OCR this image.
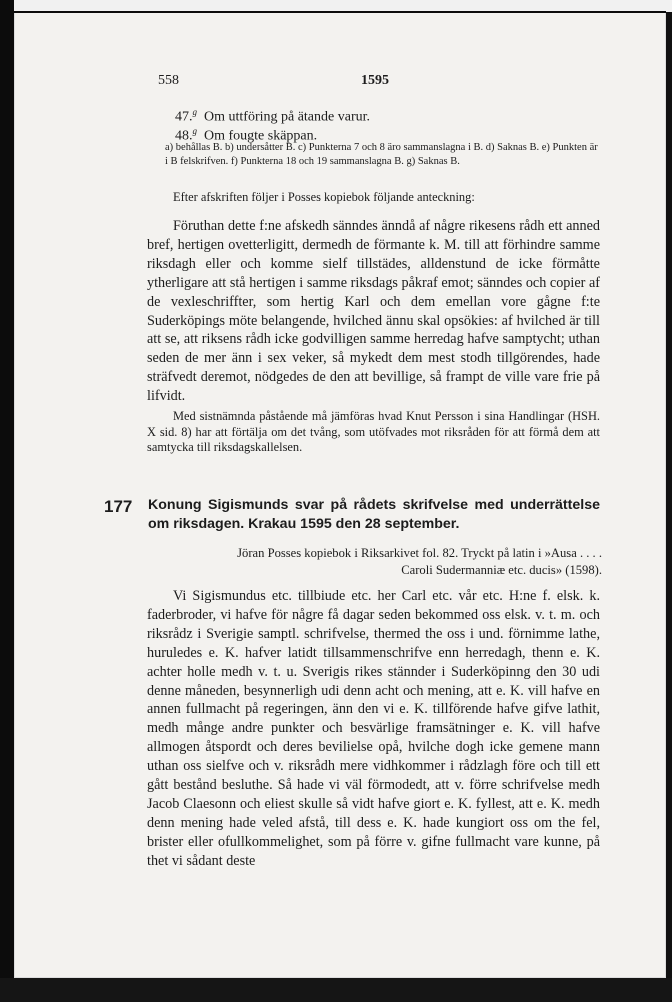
558	1595
47.$^g$ Om uttföring på ätande varur.
48.$^g$ Om fougte skäppan.
a) behållas B. b) undersåtter B. c) Punkterna 7 och 8 äro sammanslagna i B. d) Saknas B. e) Punkten är i B felskrifven. f) Punkterna 18 och 19 sammanslagna B. g) Saknas B.

Efter afskriften följer i Posses kopiebok följande anteckning:

Föruthan dette f:ne afskedh sänndes änndå af någre rikesens rådh ett anned bref, hertigen ovetterligitt, dermedh de förmante k. M. till att förhindre samme riksdagh eller och komme sielf tillstädes, alldenstund de icke förmåtte ytherligare att stå hertigen i samme riksdags påkraf emot; sänndes och copier af de vexleschriffter, som hertig Karl och dem emellan vore gågne f:te Suderköpings möte belangende, hvilched ännu skal opsökies: af hvilched är till att se, att riksens rådh icke godvilligen samme herredag hafve samptycht; uthan seden de mer änn i sex veker, så mykedt dem mest stodh tillgörendes, hade sträfvedt deremot, nödgedes de den att bevillige, så frampt de ville vare frie på lifvidt.

Med sistnämnda påstående må jämföras hvad Knut Persson i sina Handlingar (HSH. X sid. 8) har att förtälja om det tvång, som utöfvades mot riksråden för att förmå dem att samtycka till riksdagskallelsen.

177 Konung Sigismunds svar på rådets skrifvelse med underrättelse om riksdagen. Krakau 1595 den 28 september.
Jöran Posses kopiebok i Riksarkivet fol. 82. Tryckt på latin i »Ausa . . . . Caroli Sudermanniæ etc. ducis» (1598).

Vi Sigismundus etc. tillbiude etc. her Carl etc. vår etc. H:ne f. elsk. k. faderbroder, vi hafve för någre få dagar seden bekommed oss elsk. v. t. m. och riksrådz i Sverigie samptl. schrifvelse, thermed the oss i und. förnimme lathe, huruledes e. K. hafver latidt tillsammenschrifve enn herredagh, thenn e. K. achter holle medh v. t. u. Sverigis rikes stännder i Suderköpinng den 30 udi denne måneden, besynnerligh udi denn acht och mening, att e. K. vill hafve en annen fullmacht på regeringen, änn den vi e. K. tillförende hafve gifve lathit, medh månge andre punkter och besvärlige framsätninger e. K. vill hafve allmogen åtspordt och deres bevilielse opå, hvilche dogh icke gemene mann uthan oss sielfve och v. riksrådh mere vidhkommer i rådzlagh före och till ett gått bestånd besluthe. Så hade vi väl förmodedt, att v. förre schrifvelse medh Jacob Claesonn och eliest skulle så vidt hafve giort e. K. fyllest, att e. K. medh denn mening hade veled afstå, till dess e. K. hade kungiort oss om the fel, brister eller ofullkommelighet, som på förre v. gifne fullmacht vare kunne, på thet vi sådant deste
